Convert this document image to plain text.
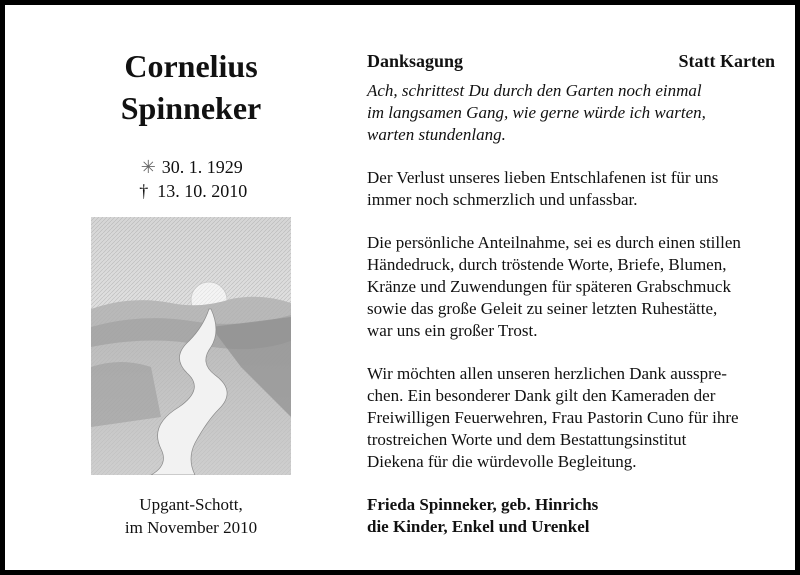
Cornelius
Spinneker
✳ 30. 1. 1929
† 13. 10. 2010
Upgant-Schott,
im November 2010
Danksagung	Statt Karten
Ach, schrittest Du durch den Garten noch einmal
im langsamen Gang, wie gerne würde ich warten,
warten stundenlang.
Der Verlust unseres lieben Entschlafenen ist für uns
immer noch schmerzlich und unfassbar.
Die persönliche Anteilnahme, sei es durch einen stillen
Händedruck, durch tröstende Worte, Briefe, Blumen,
Kränze und Zuwendungen für späteren Grabschmuck
sowie das große Geleit zu seiner letzten Ruhestätte,
war uns ein großer Trost.
Wir möchten allen unseren herzlichen Dank ausspre-
chen. Ein besonderer Dank gilt den Kameraden der
Freiwilligen Feuerwehren, Frau Pastorin Cuno für ihre
trostreichen Worte und dem Bestattungsinstitut
Diekena für die würdevolle Begleitung.
Frieda Spinneker, geb. Hinrichs
die Kinder, Enkel und Urenkel
